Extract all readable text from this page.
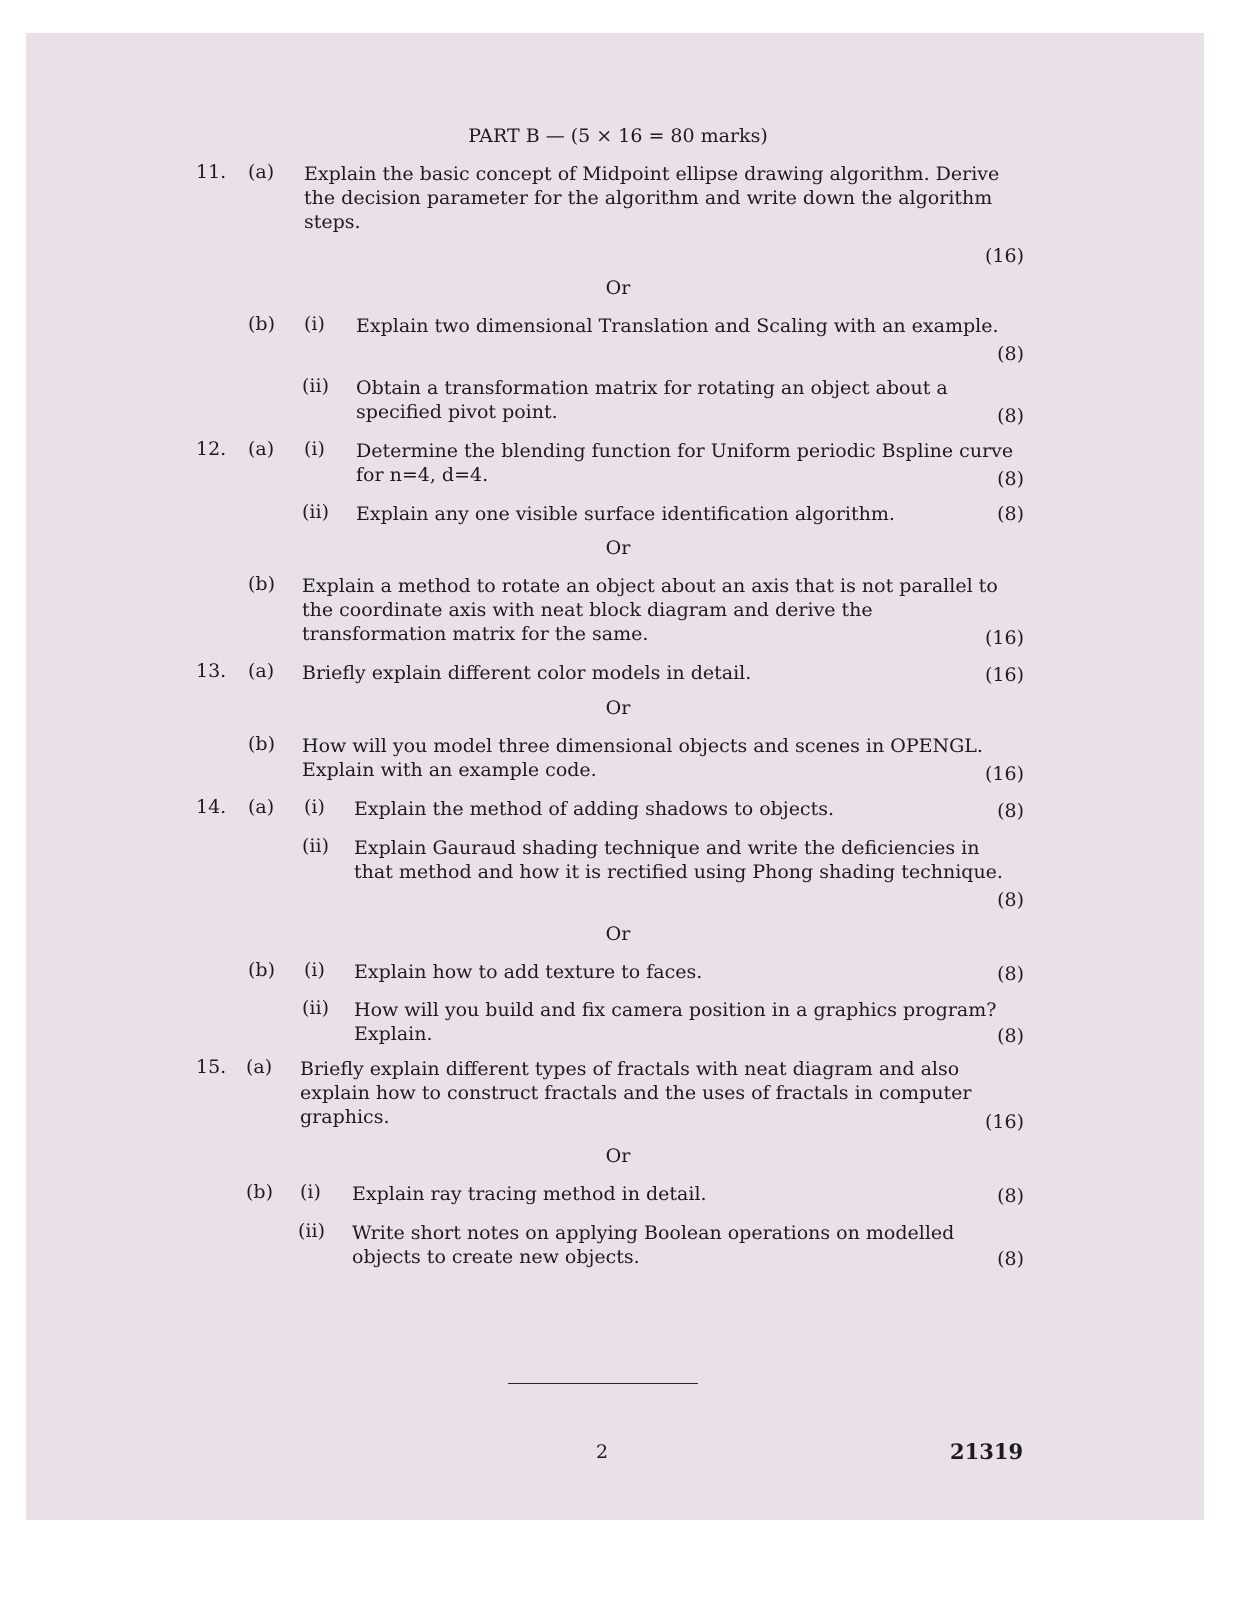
PART B — (5 × 16 = 80 marks)
11. (a) Explain the basic concept of Midpoint ellipse drawing algorithm. Derive
the decision parameter for the algorithm and write down the algorithm
steps.
(16)
Or
(b) (i) Explain two dimensional Translation and Scaling with an example.
(8)
(ii) Obtain a transformation matrix for rotating an object about a
specified pivot point.	(8)
12. (a) (i) Determine the blending function for Uniform periodic Bspline curve
for n=4, d=4.	(8)
(ii) Explain any one visible surface identification algorithm.	(8)
Or
(b) Explain a method to rotate an object about an axis that is not parallel to
the coordinate axis with neat block diagram and derive the
transformation matrix for the same.	(16)
13. (a) Briefly explain different color models in detail.	(16)
Or
(b) How will you model three dimensional objects and scenes in OPENGL.
Explain with an example code.	(16)
14. (a) (i) Explain the method of adding shadows to objects.	(8)
(ii) Explain Gauraud shading technique and write the deficiencies in
that method and how it is rectified using Phong shading technique.
(8)
Or
(b) (i) Explain how to add texture to faces.	(8)
(ii) How will you build and fix camera position in a graphics program?
Explain.	(8)
15. (a) Briefly explain different types of fractals with neat diagram and also
explain how to construct fractals and the uses of fractals in computer
graphics.	(16)
Or
(b) (i) Explain ray tracing method in detail.	(8)
(ii) Write short notes on applying Boolean operations on modelled
objects to create new objects.	(8)
2	21319
